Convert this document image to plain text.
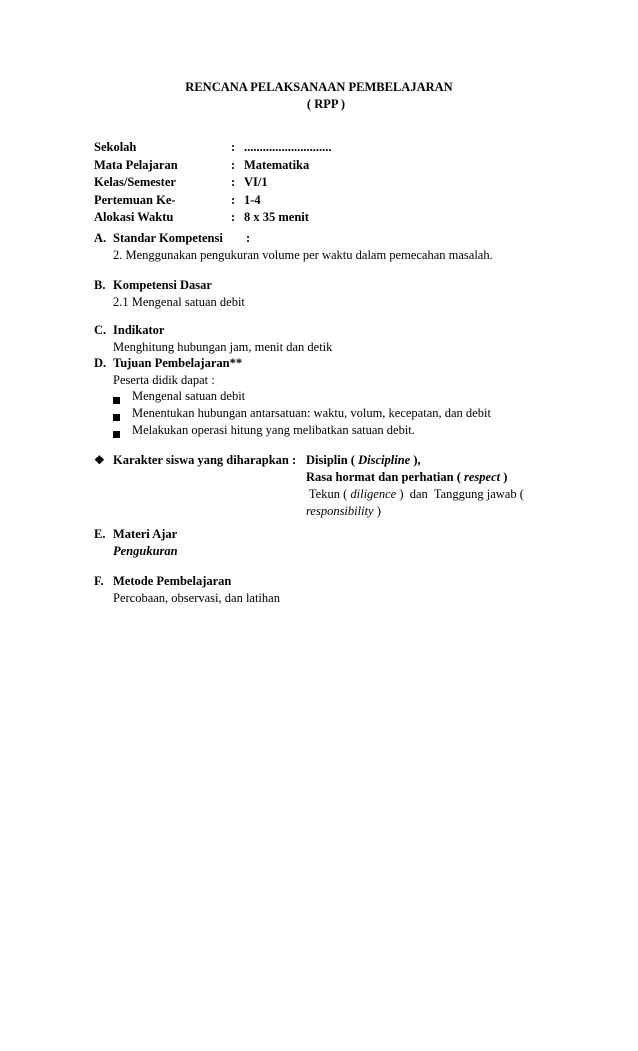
RENCANA PELAKSANAAN PEMBELAJARAN
( RPP )
Sekolah	: ............................
Mata Pelajaran	: Matematika
Kelas/Semester	: VI/1
Pertemuan Ke-	: 1-4
Alokasi Waktu	: 8 x 35 menit
A. Standar Kompetensi	:
2. Menggunakan pengukuran volume per waktu dalam pemecahan masalah.
B. Kompetensi Dasar
2.1 Mengenal satuan debit
C. Indikator
Menghitung hubungan jam, menit dan detik
D. Tujuan Pembelajaran**
Peserta didik dapat :
Mengenal satuan debit
Menentukan hubungan antarsatuan: waktu, volum, kecepatan, dan debit
Melakukan operasi hitung yang melibatkan satuan debit.
❖ Karakter siswa yang diharapkan : Disiplin ( Discipline ),
Rasa hormat dan perhatian ( respect )
Tekun ( diligence )  dan  Tanggung jawab (
responsibility )
E. Materi Ajar
Pengukuran
F. Metode Pembelajaran
Percobaan, observasi, dan latihan
